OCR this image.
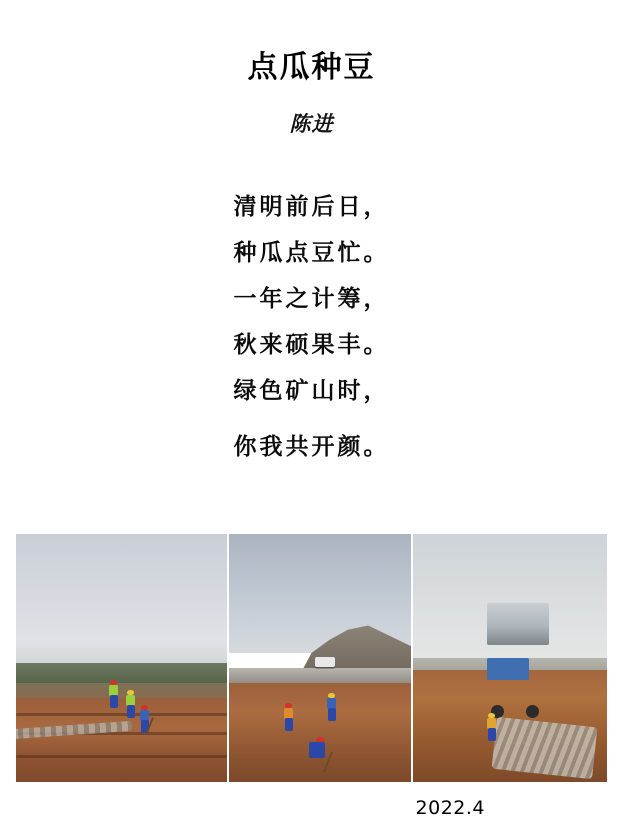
点瓜种豆
陈进
清明前后日，
种瓜点豆忙。
一年之计筹，
秋来硕果丰。
绿色矿山时，
你我共开颜。
2022.4
